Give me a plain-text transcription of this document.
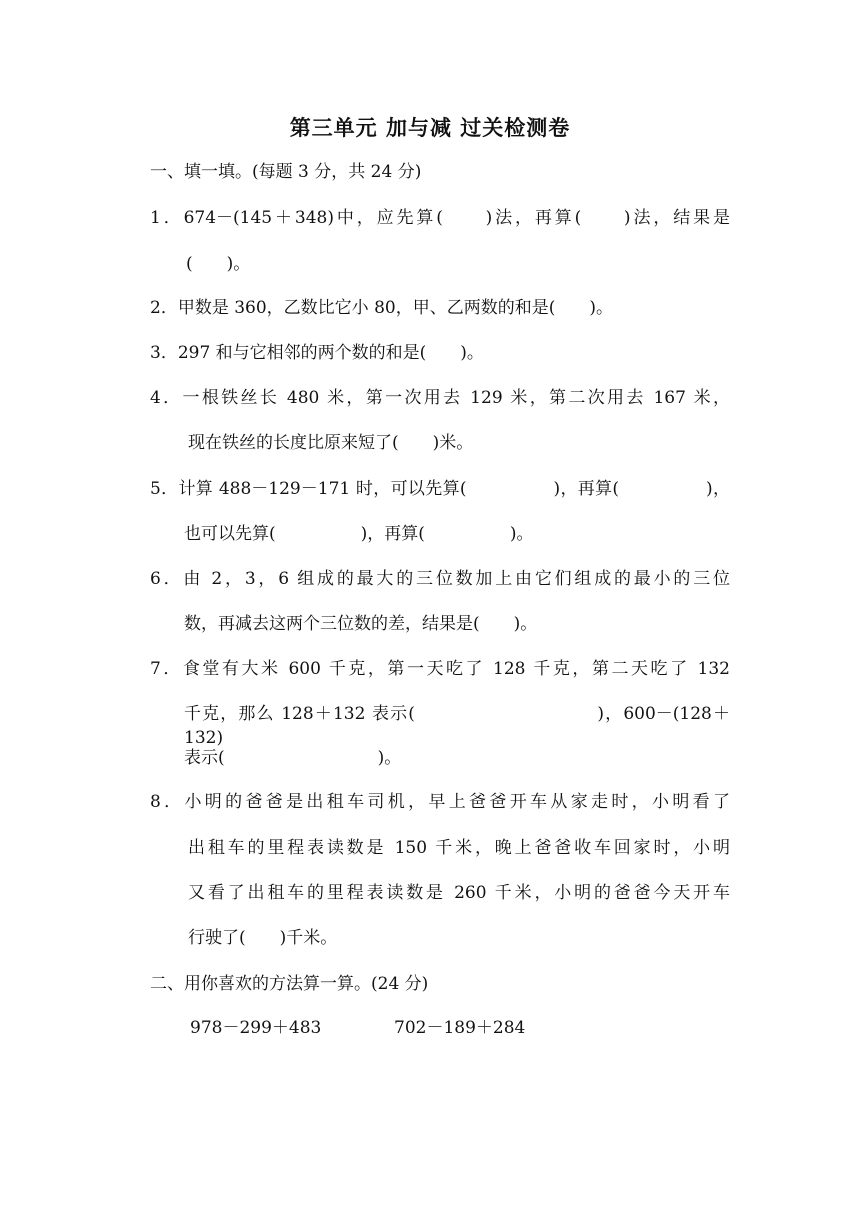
第三单元 加与减 过关检测卷
一、填一填。(每题 3 分，共 24 分)
1．674－(145＋348)中，应先算(　　)法，再算(　　)法，结果是
(　　)。
2．甲数是 360，乙数比它小 80，甲、乙两数的和是(　　)。
3．297 和与它相邻的两个数的和是(　　)。
4．一根铁丝长 480 米，第一次用去 129 米，第二次用去 167 米，
现在铁丝的长度比原来短了(　　)米。
5．计算 488－129－171 时，可以先算(　　　　　)，再算(　　　　　)，
也可以先算(　　　　　)，再算(　　　　　)。
6．由 2，3，6 组成的最大的三位数加上由它们组成的最小的三位
数，再减去这两个三位数的差，结果是(　　)。
7．食堂有大米 600 千克，第一天吃了 128 千克，第二天吃了 132
千克，那么 128＋132 表示(　　　　　　　　　　)，600－(128＋132)
表示(　　　　　　　　　)。
8．小明的爸爸是出租车司机，早上爸爸开车从家走时，小明看了
出租车的里程表读数是 150 千米，晚上爸爸收车回家时，小明
又看了出租车的里程表读数是 260 千米，小明的爸爸今天开车
行驶了(　　)千米。
二、用你喜欢的方法算一算。(24 分)
978－299＋483	702－189＋284
